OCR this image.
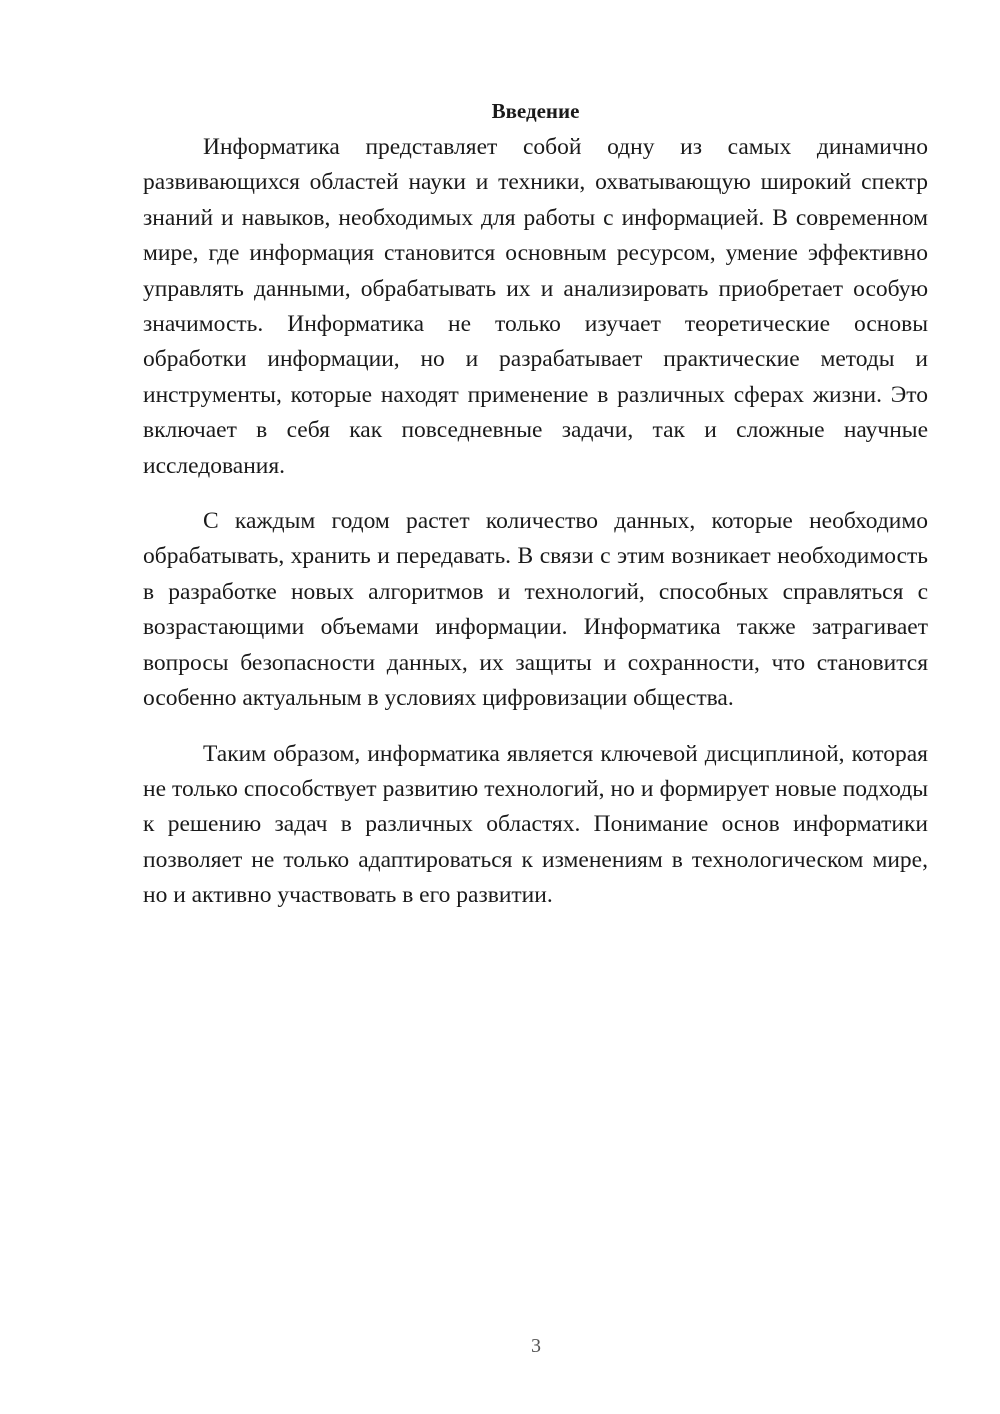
Введение

Информатика представляет собой одну из самых динамично развивающихся областей науки и техники, охватывающую широкий спектр знаний и навыков, необходимых для работы с информацией. В современном мире, где информация становится основным ресурсом, умение эффективно управлять данными, обрабатывать их и анализировать приобретает особую значимость. Информатика не только изучает теоретические основы обработки информации, но и разрабатывает практические методы и инструменты, которые находят применение в различных сферах жизни. Это включает в себя как повседневные задачи, так и сложные научные исследования.

С каждым годом растет количество данных, которые необходимо обрабатывать, хранить и передавать. В связи с этим возникает необходимость в разработке новых алгоритмов и технологий, способных справляться с возрастающими объемами информации. Информатика также затрагивает вопросы безопасности данных, их защиты и сохранности, что становится особенно актуальным в условиях цифровизации общества.

Таким образом, информатика является ключевой дисциплиной, которая не только способствует развитию технологий, но и формирует новые подходы к решению задач в различных областях. Понимание основ информатики позволяет не только адаптироваться к изменениям в технологическом мире, но и активно участвовать в его развитии.

3
